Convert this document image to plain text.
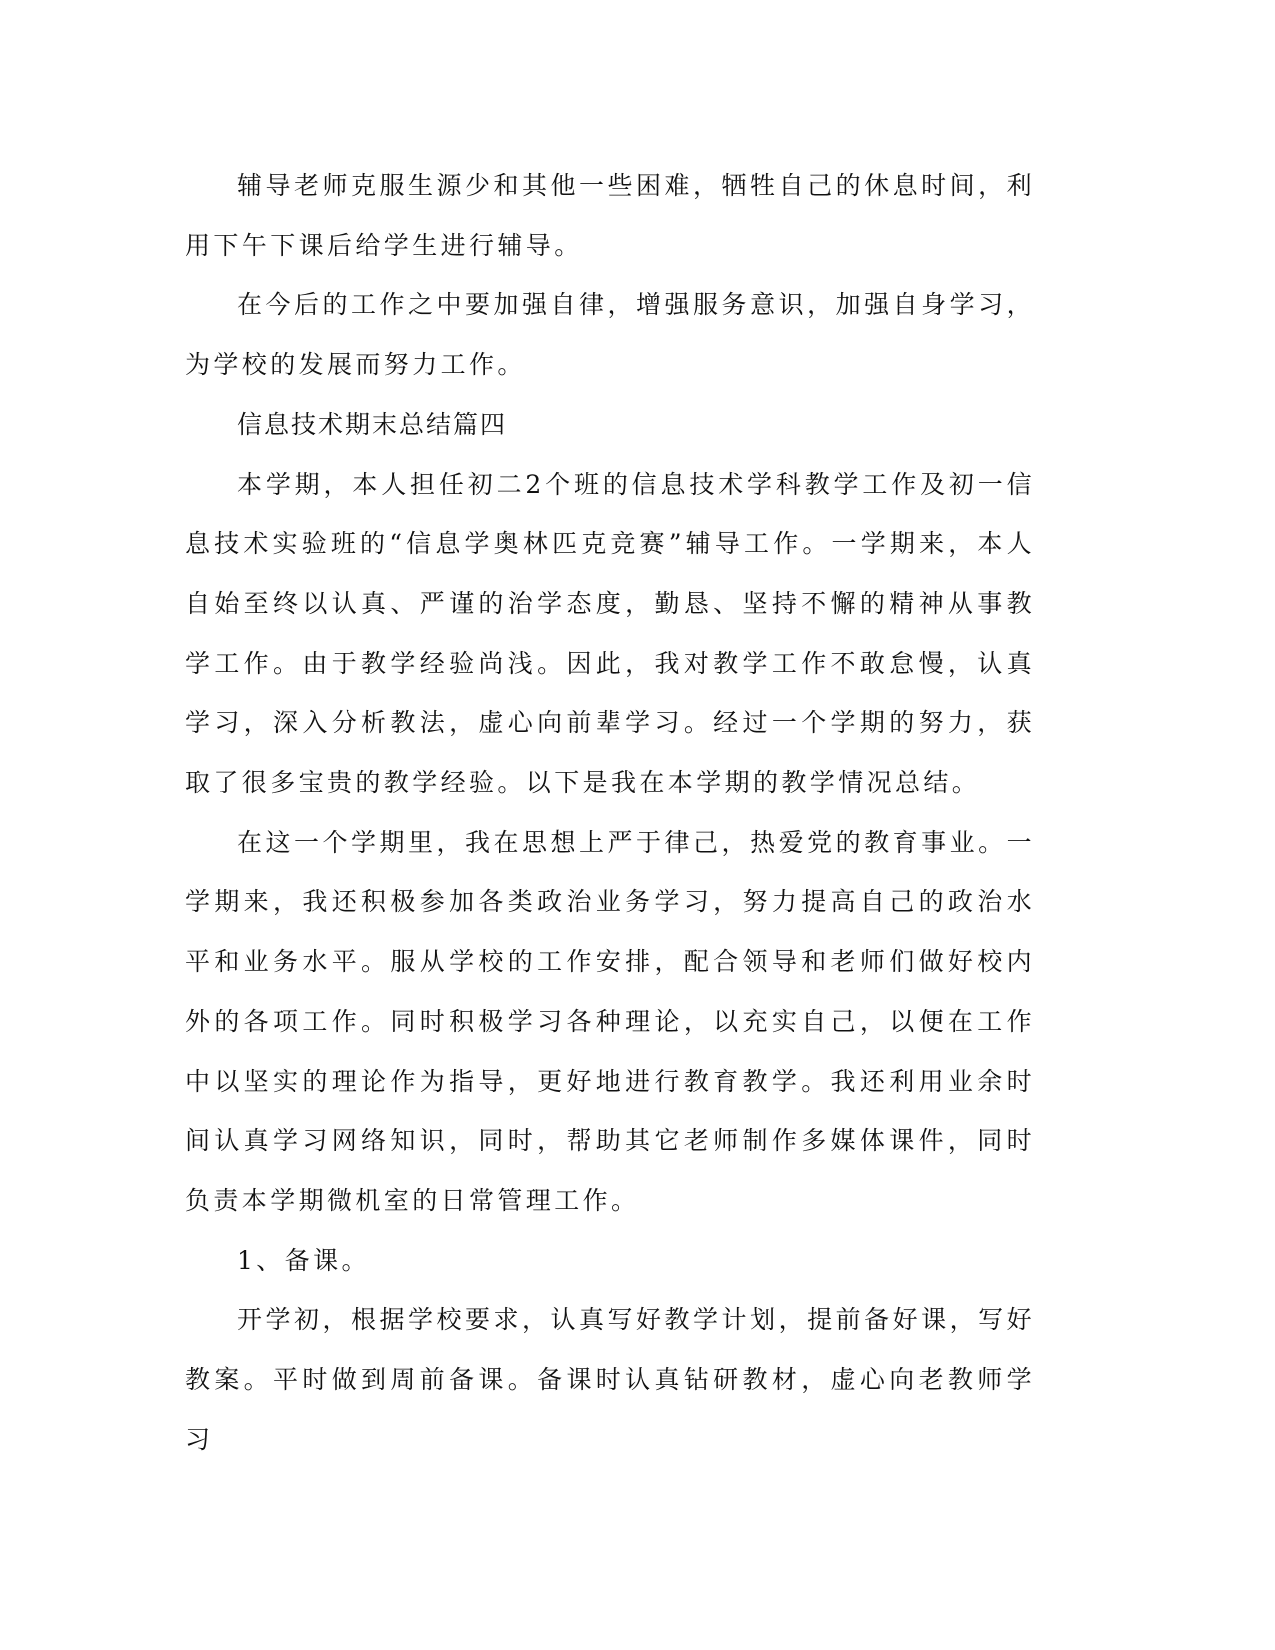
辅导老师克服生源少和其他一些困难，牺牲自己的休息时间，利用下午下课后给学生进行辅导。

在今后的工作之中要加强自律，增强服务意识，加强自身学习，为学校的发展而努力工作。

信息技术期末总结篇四

本学期，本人担任初二2个班的信息技术学科教学工作及初一信息技术实验班的“信息学奥林匹克竞赛”辅导工作。一学期来，本人自始至终以认真、严谨的治学态度，勤恳、坚持不懈的精神从事教学工作。由于教学经验尚浅。因此，我对教学工作不敢怠慢，认真学习，深入分析教法，虚心向前辈学习。经过一个学期的努力，获取了很多宝贵的教学经验。以下是我在本学期的教学情况总结。

在这一个学期里，我在思想上严于律己，热爱党的教育事业。一学期来，我还积极参加各类政治业务学习，努力提高自己的政治水平和业务水平。服从学校的工作安排，配合领导和老师们做好校内外的各项工作。同时积极学习各种理论，以充实自己，以便在工作中以坚实的理论作为指导，更好地进行教育教学。我还利用业余时间认真学习网络知识，同时，帮助其它老师制作多媒体课件，同时负责本学期微机室的日常管理工作。

1、备课。

开学初，根据学校要求，认真写好教学计划，提前备好课，写好教案。平时做到周前备课。备课时认真钻研教材，虚心向老教师学习
